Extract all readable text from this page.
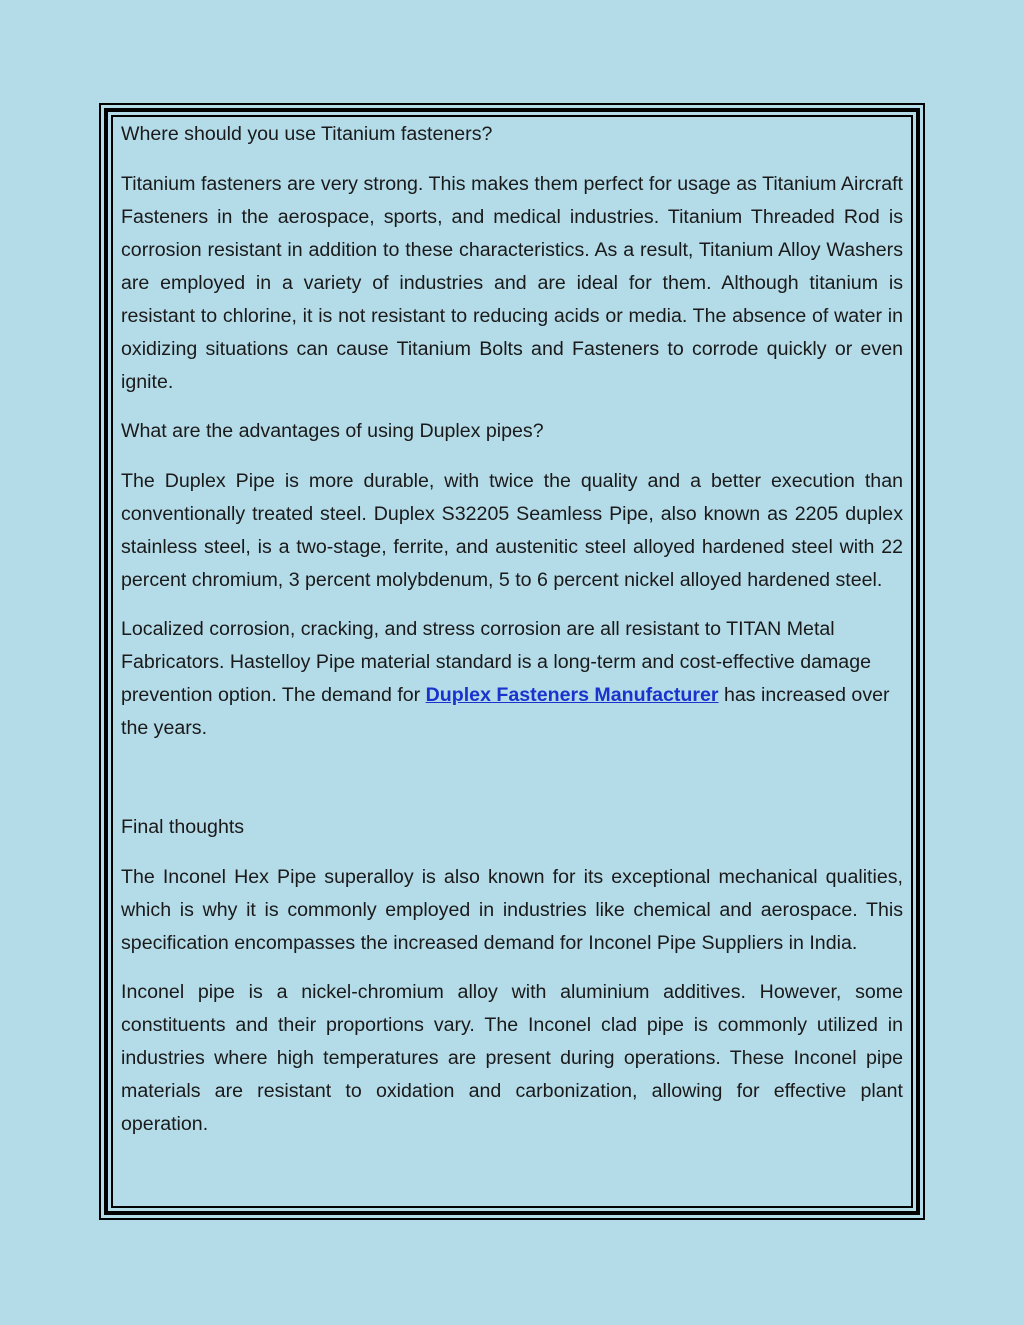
Where should you use Titanium fasteners?

Titanium fasteners are very strong. This makes them perfect for usage as Titanium Aircraft Fasteners in the aerospace, sports, and medical industries. Titanium Threaded Rod is corrosion resistant in addition to these characteristics. As a result, Titanium Alloy Washers are employed in a variety of industries and are ideal for them. Although titanium is resistant to chlorine, it is not resistant to reducing acids or media. The absence of water in oxidizing situations can cause Titanium Bolts and Fasteners to corrode quickly or even ignite.

What are the advantages of using Duplex pipes?

The Duplex Pipe is more durable, with twice the quality and a better execution than conventionally treated steel. Duplex S32205 Seamless Pipe, also known as 2205 duplex stainless steel, is a two-stage, ferrite, and austenitic steel alloyed hardened steel with 22 percent chromium, 3 percent molybdenum, 5 to 6 percent nickel alloyed hardened steel.

Localized corrosion, cracking, and stress corrosion are all resistant to TITAN Metal Fabricators. Hastelloy Pipe material standard is a long-term and cost-effective damage prevention option. The demand for Duplex Fasteners Manufacturer has increased over the years.

Final thoughts

The Inconel Hex Pipe superalloy is also known for its exceptional mechanical qualities, which is why it is commonly employed in industries like chemical and aerospace. This specification encompasses the increased demand for Inconel Pipe Suppliers in India.

Inconel pipe is a nickel-chromium alloy with aluminium additives. However, some constituents and their proportions vary. The Inconel clad pipe is commonly utilized in industries where high temperatures are present during operations. These Inconel pipe materials are resistant to oxidation and carbonization, allowing for effective plant operation.
